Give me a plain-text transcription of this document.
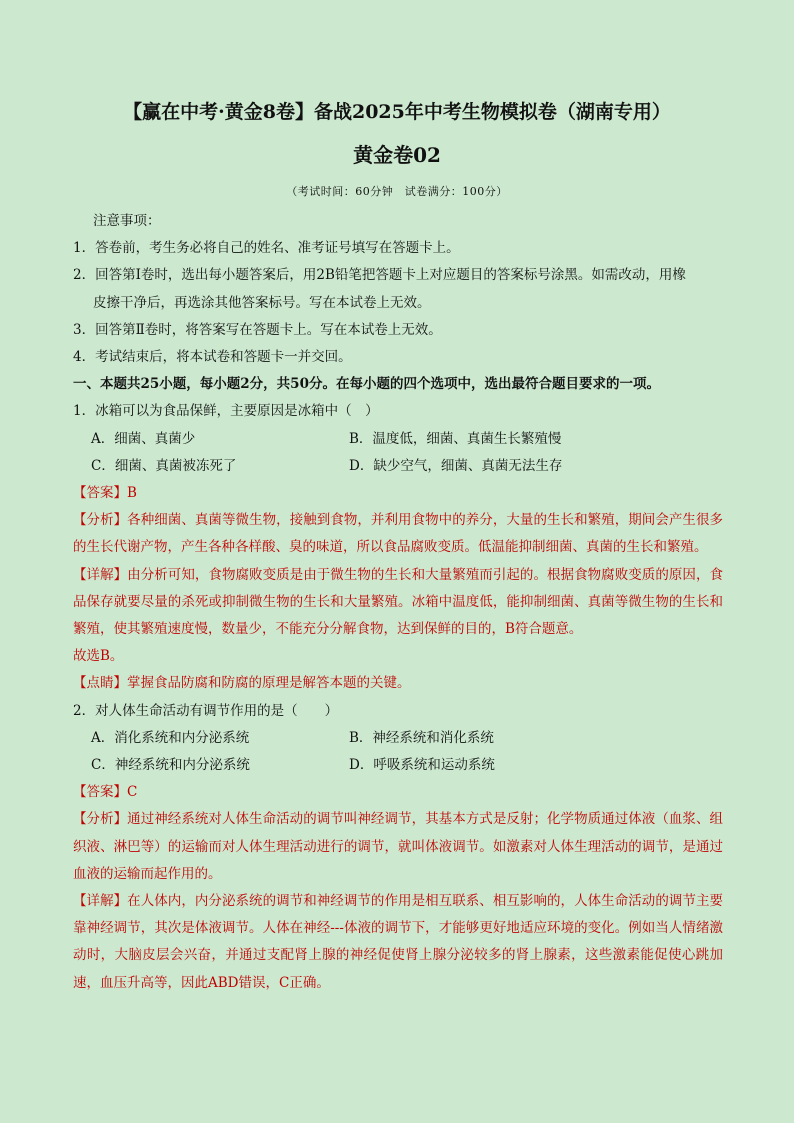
【赢在中考·黄金8卷】备战2025年中考生物模拟卷（湖南专用）
黄金卷02
（考试时间：60分钟　试卷满分：100分）
注意事项：
1．答卷前，考生务必将自己的姓名、准考证号填写在答题卡上。
2．回答第Ⅰ卷时，选出每小题答案后，用2B铅笔把答题卡上对应题目的答案标号涂黑。如需改动，用橡
皮擦干净后，再选涂其他答案标号。写在本试卷上无效。
3．回答第Ⅱ卷时，将答案写在答题卡上。写在本试卷上无效。
4．考试结束后，将本试卷和答题卡一并交回。
一、本题共25小题，每小题2分，共50分。在每小题的四个选项中，选出最符合题目要求的一项。
1．冰箱可以为食品保鲜，主要原因是冰箱中（　）
A．细菌、真菌少	B．温度低，细菌、真菌生长繁殖慢
C．细菌、真菌被冻死了	D．缺少空气，细菌、真菌无法生存
【答案】B
【分析】各种细菌、真菌等微生物，接触到食物，并利用食物中的养分，大量的生长和繁殖，期间会产生很多的生长代谢产物，产生各种各样酸、臭的味道，所以食品腐败变质。低温能抑制细菌、真菌的生长和繁殖。
【详解】由分析可知，食物腐败变质是由于微生物的生长和大量繁殖而引起的。根据食物腐败变质的原因，食品保存就要尽量的杀死或抑制微生物的生长和大量繁殖。冰箱中温度低，能抑制细菌、真菌等微生物的生长和繁殖，使其繁殖速度慢，数量少，不能充分分解食物，达到保鲜的目的，B符合题意。
故选B。
【点睛】掌握食品防腐和防腐的原理是解答本题的关键。
2．对人体生命活动有调节作用的是（　　）
A．消化系统和内分泌系统	B．神经系统和消化系统
C．神经系统和内分泌系统	D．呼吸系统和运动系统
【答案】C
【分析】通过神经系统对人体生命活动的调节叫神经调节，其基本方式是反射；化学物质通过体液（血浆、组织液、淋巴等）的运输而对人体生理活动进行的调节，就叫体液调节。如激素对人体生理活动的调节，是通过血液的运输而起作用的。
【详解】在人体内，内分泌系统的调节和神经调节的作用是相互联系、相互影响的，人体生命活动的调节主要靠神经调节，其次是体液调节。人体在神经---体液的调节下，才能够更好地适应环境的变化。例如当人情绪激动时，大脑皮层会兴奋，并通过支配肾上腺的神经促使肾上腺分泌较多的肾上腺素，这些激素能促使心跳加速，血压升高等，因此ABD错误，C正确。
